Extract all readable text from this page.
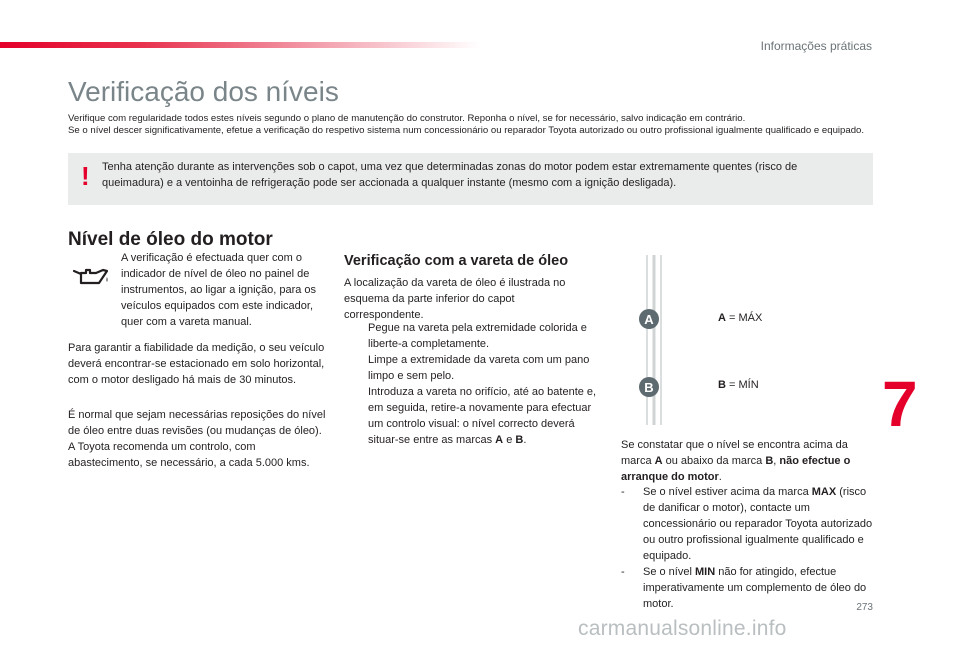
Informações práticas
Verificação dos níveis

Verifique com regularidade todos estes níveis segundo o plano de manutenção do construtor. Reponha o nível, se for necessário, salvo indicação em contrário.

Se o nível descer significativamente, efetue a verificação do respetivo sistema num concessionário ou reparador Toyota autorizado ou outro profissional igualmente qualificado e equipado.

! Tenha atenção durante as intervenções sob o capot, uma vez que determinadas zonas do motor podem estar extremamente quentes (risco de queimadura) e a ventoinha de refrigeração pode ser accionada a qualquer instante (mesmo com a ignição desligada).
Nível de óleo do motor

A verificação é efectuada quer com o indicador de nível de óleo no painel de instrumentos, ao ligar a ignição, para os veículos equipados com este indicador, quer com a vareta manual.

Para garantir a fiabilidade da medição, o seu veículo deverá encontrar-se estacionado em solo horizontal, com o motor desligado há mais de 30 minutos.

É normal que sejam necessárias reposições do nível de óleo entre duas revisões (ou mudanças de óleo). A Toyota recomenda um controlo, com abastecimento, se necessário, a cada 5.000 kms.

Verificação com a vareta de óleo

A localização da vareta de óleo é ilustrada no esquema da parte inferior do capot correspondente.

Pegue na vareta pela extremidade colorida e liberte-a completamente.
Limpe a extremidade da vareta com um pano limpo e sem pelo.
Introduza a vareta no orifício, até ao batente e, em seguida, retire-a novamente para efectuar um controlo visual: o nível correcto deverá situar-se entre as marcas A e B.
A
B
A = MÁX
B = MÍN

Se constatar que o nível se encontra acima da marca A ou abaixo da marca B, não efectue o arranque do motor.

- Se o nível estiver acima da marca MAX (risco de danificar o motor), contacte um concessionário ou reparador Toyota autorizado ou outro profissional igualmente qualificado e equipado.
- Se o nível MIN não for atingido, efectue imperativamente um complemento de óleo do motor.
7
273
carmanualsonline.info
